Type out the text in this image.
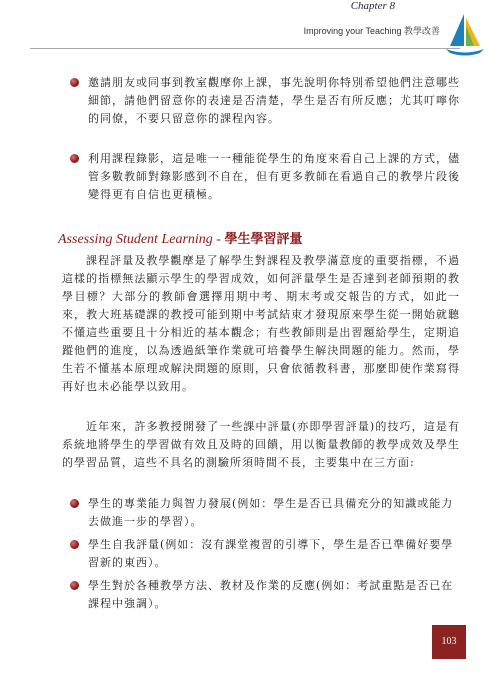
Chapter 8
Improving your Teaching 教學改善
邀請朋友或同事到教室觀摩你上課，事先說明你特別希望他們注意哪些細節，請他們留意你的表達是否清楚，學生是否有所反應；尤其叮嚀你的同僚，不要只留意你的課程內容。
利用課程錄影，這是唯一一種能從學生的角度來看自己上課的方式，儘管多數教師對錄影感到不自在，但有更多教師在看過自己的教學片段後變得更有自信也更積極。
Assessing Student Learning - 學生學習評量
課程評量及教學觀摩是了解學生對課程及教學滿意度的重要指標，不過這樣的指標無法顯示學生的學習成效，如何評量學生是否達到老師預期的教學目標？大部分的教師會選擇用期中考、期末考或交報告的方式，如此一來，教大班基礎課的教授可能到期中考試結束才發現原來學生從一開始就聽不懂這些重要且十分相近的基本觀念；有些教師則是出習題給學生，定期追蹤他們的進度，以為透過紙筆作業就可培養學生解決問題的能力。然而，學生若不懂基本原理或解決問題的原則，只會依循教科書，那麼即使作業寫得再好也未必能學以致用。
近年來，許多教授開發了一些課中評量(亦即學習評量)的技巧，這是有系統地將學生的學習做有效且及時的回饋，用以衡量教師的教學成效及學生的學習品質，這些不具名的測驗所須時間不長，主要集中在三方面:
學生的專業能力與智力發展(例如：學生是否已具備充分的知識或能力去做進一步的學習）。
學生自我評量(例如：沒有課堂複習的引導下，學生是否已準備好要學習新的東西）。
學生對於各種教學方法、教材及作業的反應(例如：考試重點是否已在課程中強調）。
103
